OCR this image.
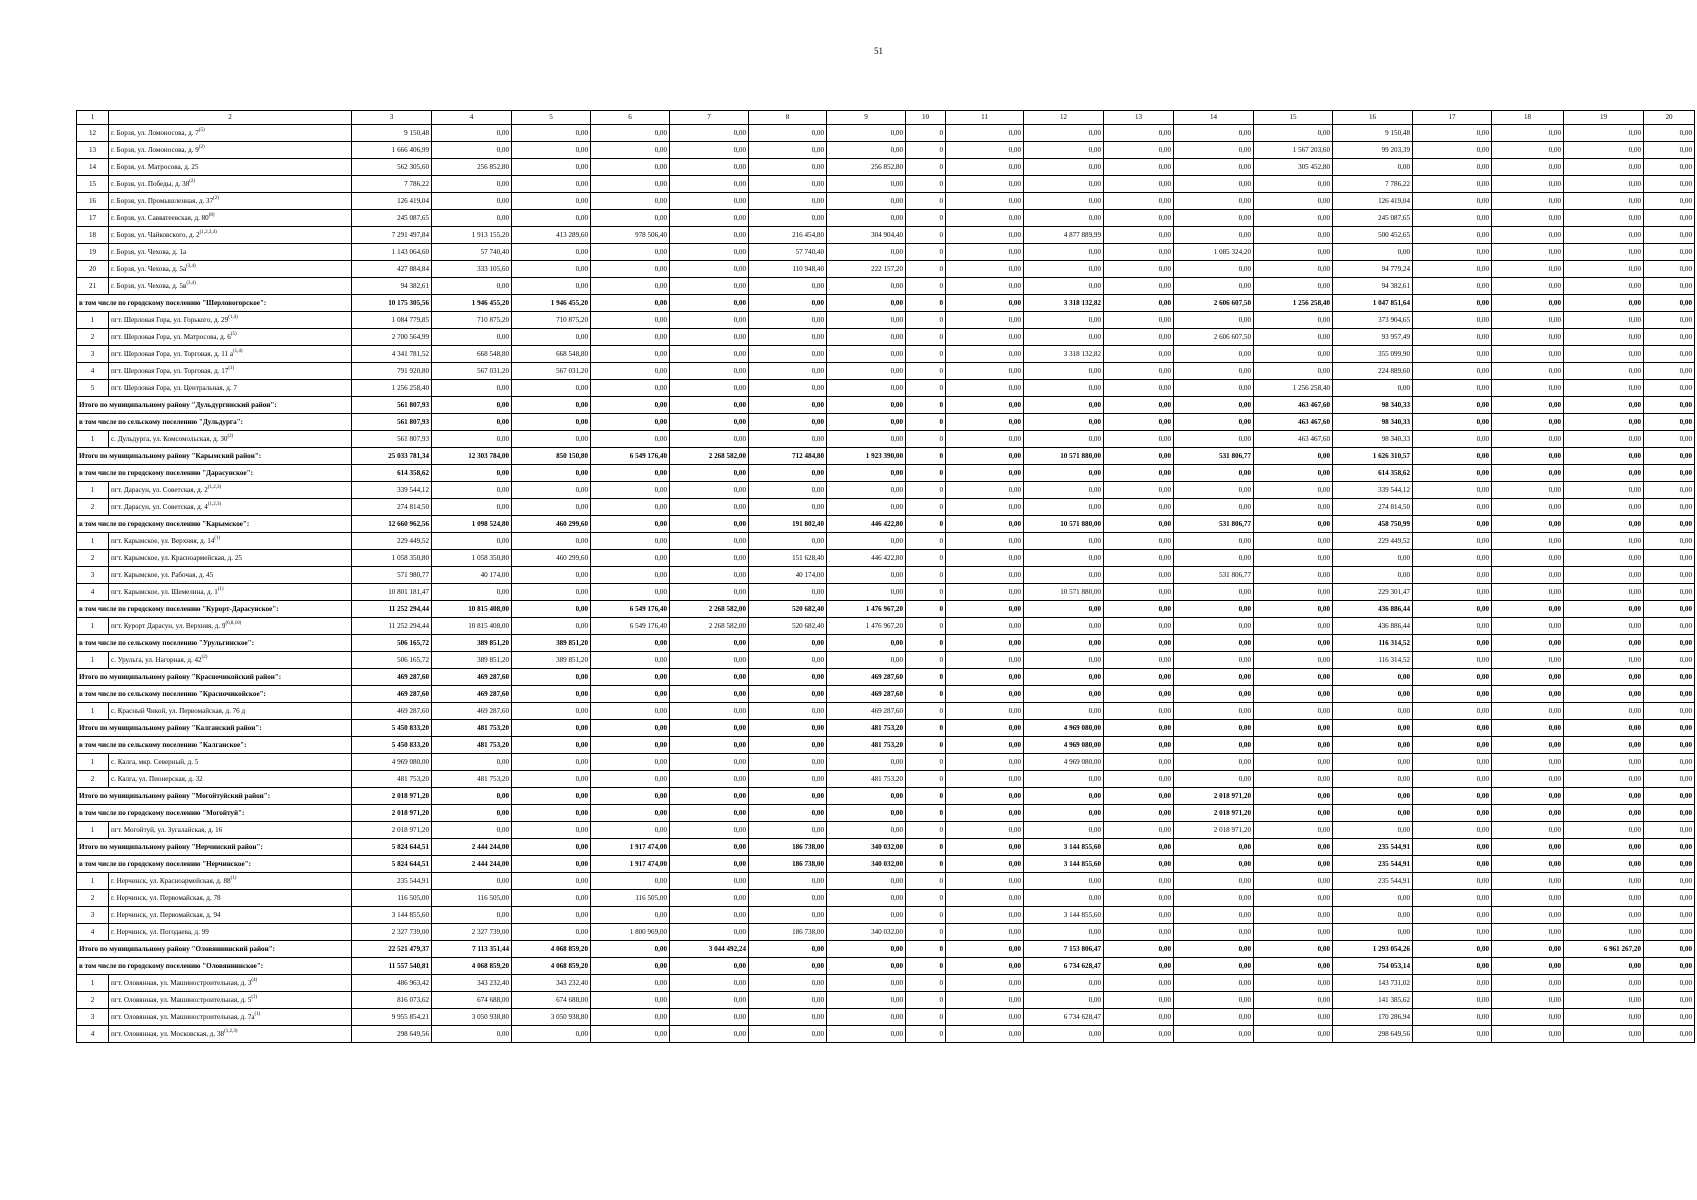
51
1	2	3	4	5	6	7	8	9	10	11	12	13	14	15	16	17	18	19	20
12	г. Борзя, ул. Ломоносова, д. 7$^{(5)}$	9 150,48	0,00	0,00	0,00	0,00	0,00	0,00	0	0,00	0,00	0,00	0,00	0,00	9 150,48	0,00	0,00	0,00	0,00
13	г. Борзя, ул. Ломоносова, д. 9$^{(2)}$	1 666 406,99	0,00	0,00	0,00	0,00	0,00	0,00	0	0,00	0,00	0,00	0,00	1 567 203,60	99 203,39	0,00	0,00	0,00	0,00
14	г. Борзя, ул. Матросова, д. 25	562 305,60	256 852,80	0,00	0,00	0,00	0,00	256 852,80	0	0,00	0,00	0,00	0,00	305 452,80	0,00	0,00	0,00	0,00	0,00
15	г. Борзя, ул. Победы, д. 38$^{(2)}$	7 786,22	0,00	0,00	0,00	0,00	0,00	0,00	0	0,00	0,00	0,00	0,00	0,00	7 786,22	0,00	0,00	0,00	0,00
16	г. Борзя, ул. Промышленная, д. 37$^{(2)}$	126 419,04	0,00	0,00	0,00	0,00	0,00	0,00	0	0,00	0,00	0,00	0,00	0,00	126 419,04	0,00	0,00	0,00	0,00
17	г. Борзя, ул. Савватеевская, д. 80$^{(8)}$	245 087,65	0,00	0,00	0,00	0,00	0,00	0,00	0	0,00	0,00	0,00	0,00	0,00	245 087,65	0,00	0,00	0,00	0,00
18	г. Борзя, ул. Чайковского, д. 2$^{(1,2,3,4)}$	7 291 497,84	1 913 155,20	413 289,60	978 506,40	0,00	216 454,80	304 904,40	0	0,00	4 877 889,99	0,00	0,00	0,00	500 452,65	0,00	0,00	0,00	0,00
19	г. Борзя, ул. Чехова, д. 1а	1 143 064,60	57 740,40	0,00	0,00	0,00	57 740,40	0,00	0	0,00	0,00	0,00	1 085 324,20	0,00	0,00	0,00	0,00	0,00	0,00
20	г. Борзя, ул. Чехова, д. $5а^{(3,4)}$	427 884,84	333 105,60	0,00	0,00	0,00	110 948,40	222 157,20	0	0,00	0,00	0,00	0,00	0,00	94 779,24	0,00	0,00	0,00	0,00
21	г. Борзя, ул. Чехова, д. $5в^{(3,4)}$	94 382,61	0,00	0,00	0,00	0,00	0,00	0,00	0	0,00	0,00	0,00	0,00	0,00	94 382,61	0,00	0,00	0,00	0,00
в том числе по городскому поселению "Шерловогорское":		10 175 305,56	1 946 455,20	1 946 455,20	0,00	0,00	0,00	0,00	0	0,00	3 318 132,82	0,00	2 606 607,50	1 256 258,40	1 047 851,64	0,00	0,00	0,00	0,00
1	пгт. Шерловая Гора, ул. Горького, д. 29$^{(1,4)}$	1 084 779,85	710 875,20	710 875,20	0,00	0,00	0,00	0,00	0	0,00	0,00	0,00	0,00	0,00	373 904,65	0,00	0,00	0,00	0,00
2	пгт. Шерловая Гора, ул. Матросова, д. 6$^{(5)}$	2 700 564,99	0,00	0,00	0,00	0,00	0,00	0,00	0	0,00	0,00	0,00	2 606 607,50	0,00	93 957,49	0,00	0,00	0,00	0,00
3	пгт. Шерловая Гора, ул. Торговая, д. 11 $а^{(1,4)}$	4 341 781,52	668 548,80	668 548,80	0,00	0,00	0,00	0,00	0	0,00	3 318 132,82	0,00	0,00	0,00	355 099,90	0,00	0,00	0,00	0,00
4	пгт. Шерловая Гора, ул. Торговая, д. 17$^{(1)}$	791 920,80	567 031,20	567 031,20	0,00	0,00	0,00	0,00	0	0,00	0,00	0,00	0,00	0,00	224 889,60	0,00	0,00	0,00	0,00
5	пгт. Шерловая Гора, ул. Центральная, д. 7	1 256 258,40	0,00	0,00	0,00	0,00	0,00	0,00	0	0,00	0,00	0,00	0,00	1 256 258,40	0,00	0,00	0,00	0,00	0,00
Итого по муниципальному району "Дульдургинский район":		561 807,93	0,00	0,00	0,00	0,00	0,00	0,00	0	0,00	0,00	0,00	0,00	463 467,60	98 340,33	0,00	0,00	0,00	0,00
в том числе по сельскому поселению "Дульдурга":		561 807,93	0,00	0,00	0,00	0,00	0,00	0,00	0	0,00	0,00	0,00	0,00	463 467,60	98 340,33	0,00	0,00	0,00	0,00
1	с. Дульдурга, ул. Комсомольская, д. 30$^{(2)}$	561 807,93	0,00	0,00	0,00	0,00	0,00	0,00	0	0,00	0,00	0,00	0,00	463 467,60	98 340,33	0,00	0,00	0,00	0,00
Итого по муниципальному району "Карымский район":		25 033 781,34	12 303 784,00	850 150,80	6 549 176,40	2 268 582,00	712 484,80	1 923 390,00	0	0,00	10 571 880,00	0,00	531 806,77	0,00	1 626 310,57	0,00	0,00	0,00	0,00
в том числе по городскому поселению "Дарасунское":		614 358,62	0,00	0,00	0,00	0,00	0,00	0,00	0	0,00	0,00	0,00	0,00	0,00	614 358,62	0,00	0,00	0,00	0,00
1	пгт. Дарасун, ул. Советская, д. 2$^{(1,2,3)}$	339 544,12	0,00	0,00	0,00	0,00	0,00	0,00	0	0,00	0,00	0,00	0,00	0,00	339 544,12	0,00	0,00	0,00	0,00
2	пгт. Дарасун, ул. Советская, д. 4$^{(1,2,3)}$	274 814,50	0,00	0,00	0,00	0,00	0,00	0,00	0	0,00	0,00	0,00	0,00	0,00	274 814,50	0,00	0,00	0,00	0,00
в том числе по городскому поселению "Карымское":		12 660 962,56	1 098 524,80	460 299,60	0,00	0,00	191 802,40	446 422,80	0	0,00	10 571 880,00	0,00	531 806,77	0,00	458 750,99	0,00	0,00	0,00	0,00
1	пгт. Карымское, ул. Верхняя, д. 14$^{(1)}$	229 449,52	0,00	0,00	0,00	0,00	0,00	0,00	0	0,00	0,00	0,00	0,00	0,00	229 449,52	0,00	0,00	0,00	0,00
2	пгт. Карымское, ул. Красноармейская, д. 25	1 058 350,80	1 058 350,80	460 299,60	0,00	0,00	151 628,40	446 422,80	0	0,00	0,00	0,00	0,00	0,00	0,00	0,00	0,00	0,00	0,00
3	пгт. Карымское, ул. Рабочая, д. 45	571 980,77	40 174,00	0,00	0,00	0,00	40 174,00	0,00	0	0,00	0,00	0,00	531 806,77	0,00	0,00	0,00	0,00	0,00	0,00
4	пгт. Карымское, ул. Шемелина, д. 1$^{(1)}$	10 801 181,47	0,00	0,00	0,00	0,00	0,00	0,00	0	0,00	10 571 880,00	0,00	0,00	0,00	229 301,47	0,00	0,00	0,00	0,00
в том числе по городскому поселению "Курорт-Дарасунское":		11 252 294,44	10 815 408,00	0,00	6 549 176,40	2 268 582,00	520 682,40	1 476 967,20	0	0,00	0,00	0,00	0,00	0,00	436 886,44	0,00	0,00	0,00	0,00
1	пгт. Курорт Дарасун, ул. Верхняя, д. 9$^{(6,8,10)}$	11 252 294,44	10 815 408,00	0,00	6 549 176,40	2 268 582,00	520 682,40	1 476 967,20	0	0,00	0,00	0,00	0,00	0,00	436 886,44	0,00	0,00	0,00	0,00
в том числе по сельскому поселению "Урульгинское":		506 165,72	389 851,20	389 851,20	0,00	0,00	0,00	0,00	0	0,00	0,00	0,00	0,00	0,00	116 314,52	0,00	0,00	0,00	0,00
1	с. Урульга, ул. Нагорная, д. 42$^{(2)}$	506 165,72	389 851,20	389 851,20	0,00	0,00	0,00	0,00	0	0,00	0,00	0,00	0,00	0,00	116 314,52	0,00	0,00	0,00	0,00
Итого по муниципальному району "Красночикойский район":		469 287,60	469 287,60	0,00	0,00	0,00	0,00	469 287,60	0	0,00	0,00	0,00	0,00	0,00	0,00	0,00	0,00	0,00	0,00
в том числе по сельскому поселению "Красночикойское":		469 287,60	469 287,60	0,00	0,00	0,00	0,00	469 287,60	0	0,00	0,00	0,00	0,00	0,00	0,00	0,00	0,00	0,00	0,00
1	с. Красный Чикой, ул. Первомайская, д. 76 д	469 287,60	469 287,60	0,00	0,00	0,00	0,00	469 287,60	0	0,00	0,00	0,00	0,00	0,00	0,00	0,00	0,00	0,00	0,00
Итого по муниципальному району "Калганский район":		5 450 833,20	481 753,20	0,00	0,00	0,00	0,00	481 753,20	0	0,00	4 969 080,00	0,00	0,00	0,00	0,00	0,00	0,00	0,00	0,00
в том числе по сельскому поселению "Калганское":		5 450 833,20	481 753,20	0,00	0,00	0,00	0,00	481 753,20	0	0,00	4 969 080,00	0,00	0,00	0,00	0,00	0,00	0,00	0,00	0,00
1	с. Калга, мкр. Северный, д. 5	4 969 080,00	0,00	0,00	0,00	0,00	0,00	0,00	0	0,00	4 969 080,00	0,00	0,00	0,00	0,00	0,00	0,00	0,00	0,00
2	с. Калга, ул. Пионерская, д. 32	481 753,20	481 753,20	0,00	0,00	0,00	0,00	481 753,20	0	0,00	0,00	0,00	0,00	0,00	0,00	0,00	0,00	0,00	0,00
Итого по муниципальному району "Могойтуйский район":		2 018 971,20	0,00	0,00	0,00	0,00	0,00	0,00	0	0,00	0,00	0,00	2 018 971,20	0,00	0,00	0,00	0,00	0,00	0,00
в том числе по городскому поселению "Могойтуй":		2 018 971,20	0,00	0,00	0,00	0,00	0,00	0,00	0	0,00	0,00	0,00	2 018 971,20	0,00	0,00	0,00	0,00	0,00	0,00
1	пгт. Могойтуй, ул. Зугалайская, д. 16	2 018 971,20	0,00	0,00	0,00	0,00	0,00	0,00	0	0,00	0,00	0,00	2 018 971,20	0,00	0,00	0,00	0,00	0,00	0,00
Итого по муниципальному району "Нерчинский район":		5 824 644,51	2 444 244,00	0,00	1 917 474,00	0,00	186 738,00	340 032,00	0	0,00	3 144 855,60	0,00	0,00	0,00	235 544,91	0,00	0,00	0,00	0,00
в том числе по городскому поселению "Нерчинское":		5 824 644,51	2 444 244,00	0,00	1 917 474,00	0,00	186 738,00	340 032,00	0	0,00	3 144 855,60	0,00	0,00	0,00	235 544,91	0,00	0,00	0,00	0,00
1	г. Нерчинск, ул. Красноармейская, д. 88$^{(1)}$	235 544,91	0,00	0,00	0,00	0,00	0,00	0,00	0	0,00	0,00	0,00	0,00	0,00	235 544,91	0,00	0,00	0,00	0,00
2	г. Нерчинск, ул. Первомайская, д. 78	116 505,00	116 505,00	0,00	116 505,00	0,00	0,00	0,00	0	0,00	0,00	0,00	0,00	0,00	0,00	0,00	0,00	0,00	0,00
3	г. Нерчинск, ул. Первомайская, д. 94	3 144 855,60	0,00	0,00	0,00	0,00	0,00	0,00	0	0,00	3 144 855,60	0,00	0,00	0,00	0,00	0,00	0,00	0,00	0,00
4	г. Нерчинск, ул. Погодаева, д. 99	2 327 739,00	2 327 739,00	0,00	1 800 969,00	0,00	186 738,00	340 032,00	0	0,00	0,00	0,00	0,00	0,00	0,00	0,00	0,00	0,00	0,00
Итого по муниципальному району "Оловяннинский район":		22 521 479,37	7 113 351,44	4 068 859,20	0,00	3 044 492,24	0,00	0,00	0	0,00	7 153 806,47	0,00	0,00	0,00	1 293 054,26	0,00	0,00	6 961 267,20	0,00
в том числе по городскому поселению "Оловяннинское":		11 557 540,81	4 068 859,20	4 068 859,20	0,00	0,00	0,00	0,00	0	0,00	6 734 628,47	0,00	0,00	0,00	754 053,14	0,00	0,00	0,00	0,00
1	пгт. Оловянная, ул. Машиностроительная, д. 3$^{(4)}$	486 963,42	343 232,40	343 232,40	0,00	0,00	0,00	0,00	0	0,00	0,00	0,00	0,00	0,00	143 731,02	0,00	0,00	0,00	0,00
2	пгт. Оловянная, ул. Машиностроительная, д. 5$^{(1)}$	816 073,62	674 688,00	674 688,00	0,00	0,00	0,00	0,00	0	0,00	0,00	0,00	0,00	0,00	141 385,62	0,00	0,00	0,00	0,00
3	пгт. Оловянная, ул. Машиностроительная, д. $7а^{(1)}$	9 955 854,21	3 050 938,80	3 050 938,80	0,00	0,00	0,00	0,00	0	0,00	6 734 628,47	0,00	0,00	0,00	170 286,94	0,00	0,00	0,00	0,00
4	пгт. Оловянная, ул. Московская, д. 38$^{(1,2,3)}$	298 649,56	0,00	0,00	0,00	0,00	0,00	0,00	0	0,00	0,00	0,00	0,00	0,00	298 649,56	0,00	0,00	0,00	0,00
